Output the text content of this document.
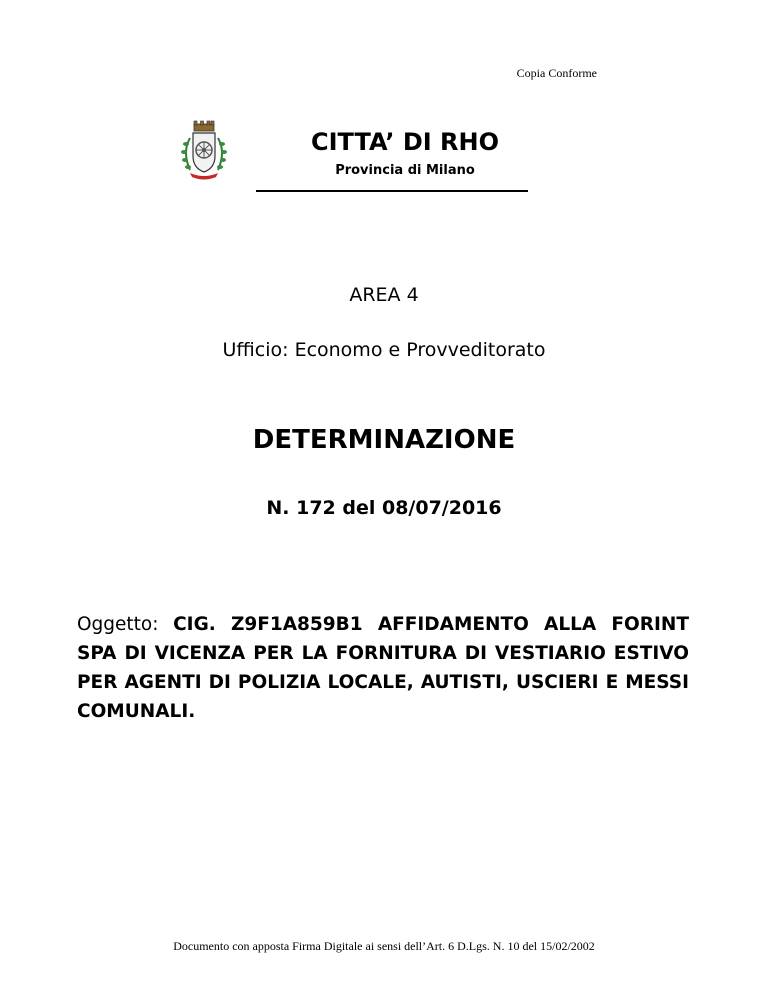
Copia Conforme
CITTA’ DI RHO
Provincia di Milano
AREA 4
Ufficio: Economo e Provveditorato
DETERMINAZIONE
N. 172 del 08/07/2016
Oggetto: CIG. Z9F1A859B1 AFFIDAMENTO ALLA FORINT SPA DI VICENZA PER LA FORNITURA DI VESTIARIO ESTIVO PER AGENTI DI POLIZIA LOCALE, AUTISTI, USCIERI E MESSI COMUNALI.
Documento con apposta Firma Digitale ai sensi dell’Art. 6 D.Lgs. N. 10 del 15/02/2002
